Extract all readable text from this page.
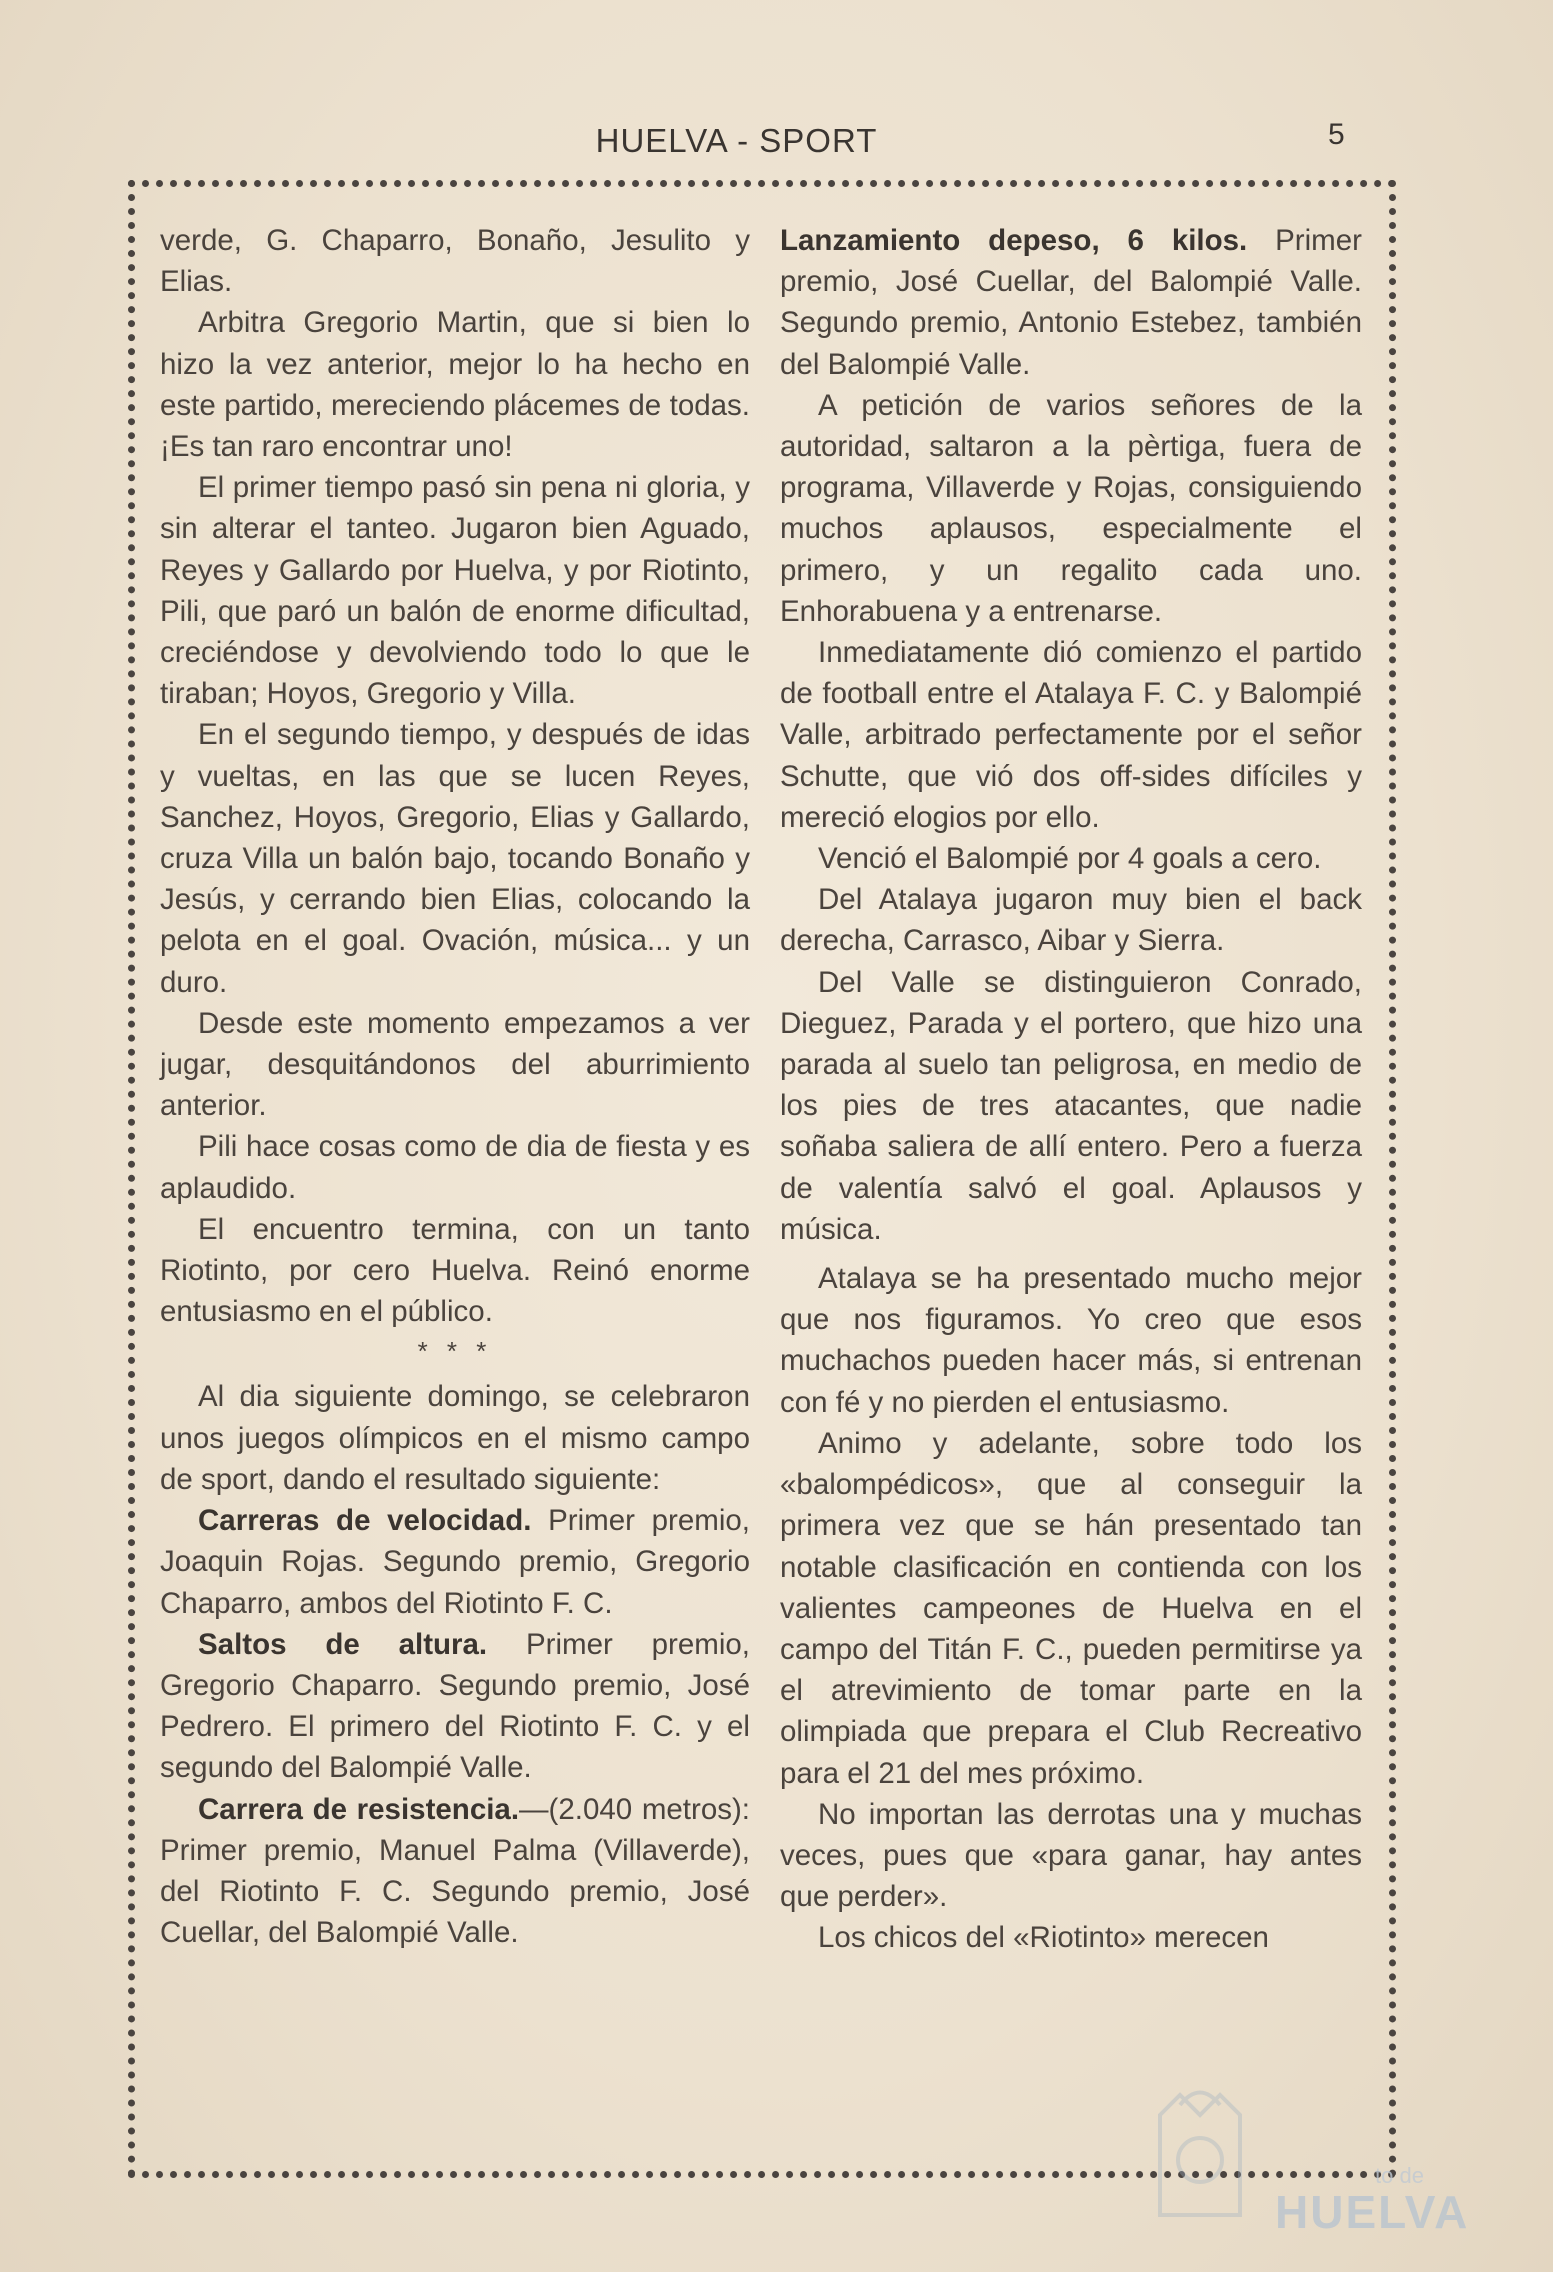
HUELVA - SPORT	5

verde, G. Chaparro, Bonaño, Jesulito y Elias.

Arbitra Gregorio Martin, que si bien lo hizo la vez anterior, mejor lo ha hecho en este partido, mereciendo plácemes de todas. ¡Es tan raro encontrar uno!

El primer tiempo pasó sin pena ni gloria, y sin alterar el tanteo. Jugaron bien Aguado, Reyes y Gallardo por Huelva, y por Riotinto, Pili, que paró un balón de enorme dificultad, creciéndose y devolviendo todo lo que le tiraban; Hoyos, Gregorio y Villa.

En el segundo tiempo, y después de idas y vueltas, en las que se lucen Reyes, Sanchez, Hoyos, Gregorio, Elias y Gallardo, cruza Villa un balón bajo, tocando Bonaño y Jesús, y cerrando bien Elias, colocando la pelota en el goal. Ovación, música... y un duro.

Desde este momento empezamos a ver jugar, desquitándonos del aburrimiento anterior.

Pili hace cosas como de dia de fiesta y es aplaudido.

El encuentro termina, con un tanto Riotinto, por cero Huelva. Reinó enorme entusiasmo en el público.

* * *

Al dia siguiente domingo, se celebraron unos juegos olímpicos en el mismo campo de sport, dando el resultado siguiente:

Carreras de velocidad. Primer premio, Joaquin Rojas. Segundo premio, Gregorio Chaparro, ambos del Riotinto F. C.

Saltos de altura. Primer premio, Gregorio Chaparro. Segundo premio, José Pedrero. El primero del Riotinto F. C. y el segundo del Balompié Valle.

Carrera de resistencia.—(2.040 metros): Primer premio, Manuel Palma (Villaverde), del Riotinto F. C. Segundo premio, José Cuellar, del Balompié Valle.

Lanzamiento depeso, 6 kilos. Primer premio, José Cuellar, del Balompié Valle. Segundo premio, Antonio Estebez, también del Balompié Valle.

A petición de varios señores de la autoridad, saltaron a la pèrtiga, fuera de programa, Villaverde y Rojas, consiguiendo muchos aplausos, especialmente el primero, y un regalito cada uno. Enhorabuena y a entrenarse.

Inmediatamente dió comienzo el partido de football entre el Atalaya F. C. y Balompié Valle, arbitrado perfectamente por el señor Schutte, que vió dos off-sides difíciles y mereció elogios por ello.

Venció el Balompié por 4 goals a cero.

Del Atalaya jugaron muy bien el back derecha, Carrasco, Aibar y Sierra.

Del Valle se distinguieron Conrado, Dieguez, Parada y el portero, que hizo una parada al suelo tan peligrosa, en medio de los pies de tres atacantes, que nadie soñaba saliera de allí entero. Pero a fuerza de valentía salvó el goal. Aplausos y música.

Atalaya se ha presentado mucho mejor que nos figuramos. Yo creo que esos muchachos pueden hacer más, si entrenan con fé y no pierden el entusiasmo.

Animo y adelante, sobre todo los «balompédicos», que al conseguir la primera vez que se hán presentado tan notable clasificación en contienda con los valientes campeones de Huelva en el campo del Titán F. C., pueden permitirse ya el atrevimiento de tomar parte en la olimpiada que prepara el Club Recreativo para el 21 del mes próximo.

No importan las derrotas una y muchas veces, pues que «para ganar, hay antes que perder».

Los chicos del «Riotinto» merecen

to de
HUELVA
